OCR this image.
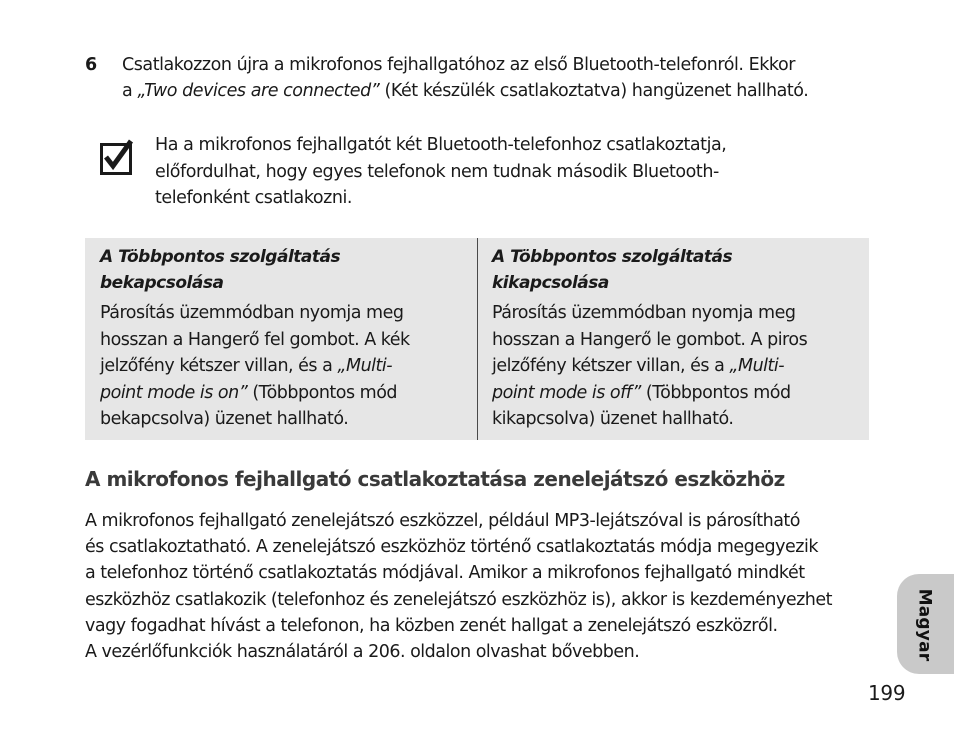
6 Csatlakozzon újra a mikrofonos fejhallgatóhoz az első Bluetooth-telefonról. Ekkor
a „Two devices are connected” (Két készülék csatlakoztatva) hangüzenet hallható.
Ha a mikrofonos fejhallgatót két Bluetooth-telefonhoz csatlakoztatja,
előfordulhat, hogy egyes telefonok nem tudnak második Bluetooth-
telefonként csatlakozni.
A Többpontos szolgáltatás
bekapcsolása
Párosítás üzemmódban nyomja meg
hosszan a Hangerő fel gombot. A kék
jelzőfény kétszer villan, és a „Multi-
point mode is on” (Többpontos mód
bekapcsolva) üzenet hallható.
A Többpontos szolgáltatás
kikapcsolása
Párosítás üzemmódban nyomja meg
hosszan a Hangerő le gombot. A piros
jelzőfény kétszer villan, és a „Multi-
point mode is off” (Többpontos mód
kikapcsolva) üzenet hallható.
A mikrofonos fejhallgató csatlakoztatása zenelejátszó eszközhöz
A mikrofonos fejhallgató zenelejátszó eszközzel, például MP3-lejátszóval is párosítható
és csatlakoztatható. A zenelejátszó eszközhöz történő csatlakoztatás módja megegyezik
a telefonhoz történő csatlakoztatás módjával. Amikor a mikrofonos fejhallgató mindkét
eszközhöz csatlakozik (telefonhoz és zenelejátszó eszközhöz is), akkor is kezdeményezhet
vagy fogadhat hívást a telefonon, ha közben zenét hallgat a zenelejátszó eszközről.
A vezérlőfunkciók használatáról a 206. oldalon olvashat bővebben.	Magyar
199
